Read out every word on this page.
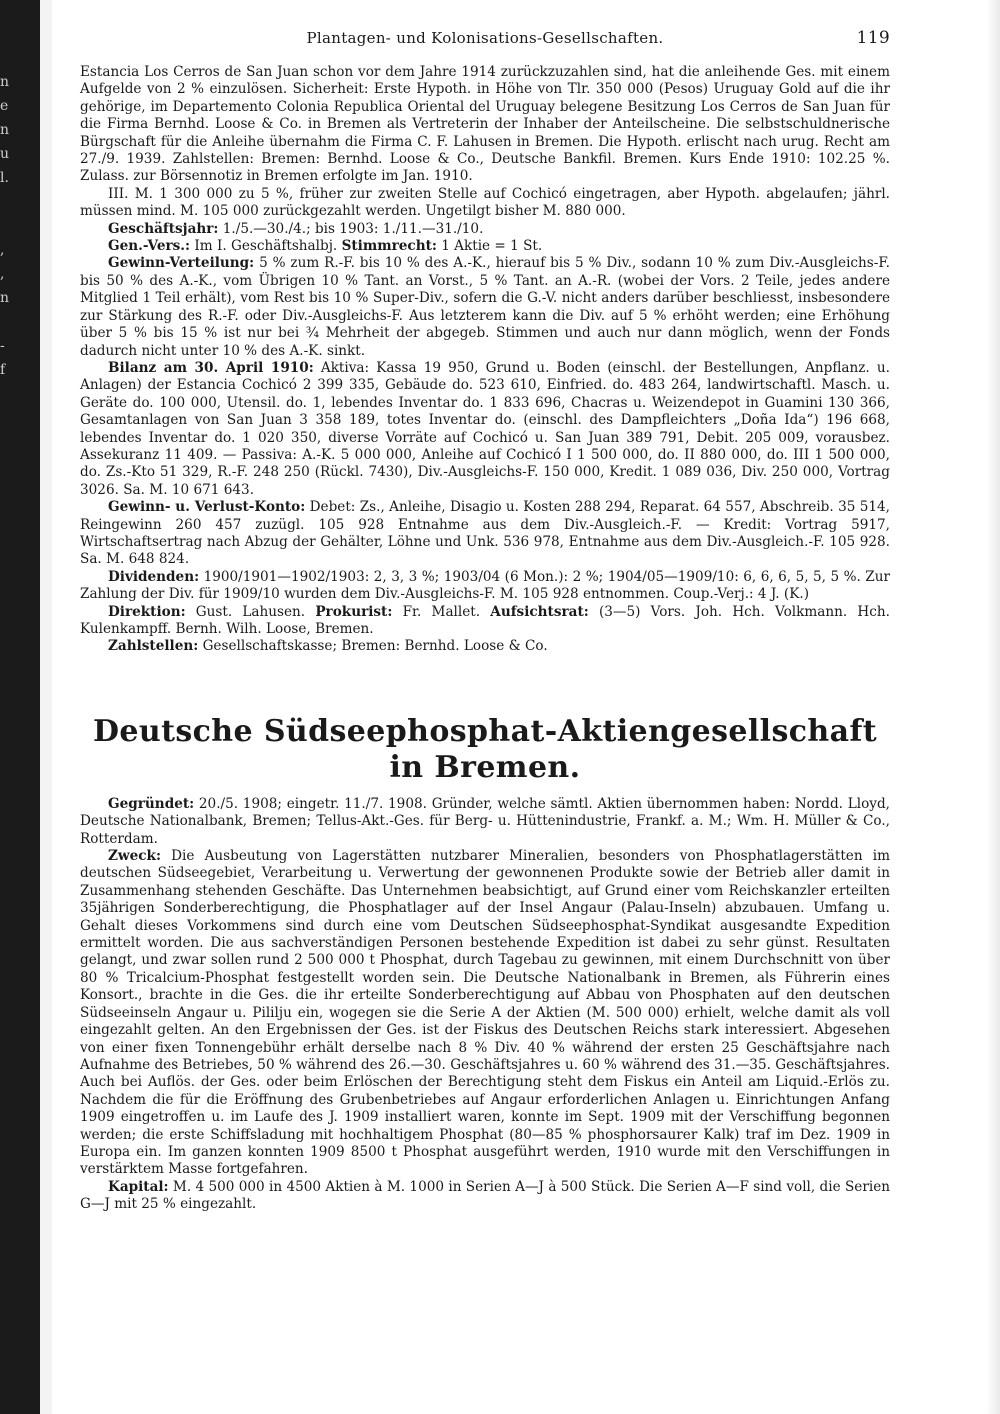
n
e
n
u
l.
,
,
n
-
f
Plantagen- und Kolonisations-Gesellschaften.	119

Estancia Los Cerros de San Juan schon vor dem Jahre 1914 zurückzuzahlen sind, hat die anleihende Ges. mit einem Aufgelde von 2 % einzulösen. Sicherheit: Erste Hypoth. in Höhe von Tlr. 350 000 (Pesos) Uruguay Gold auf die ihr gehörige, im Departemento Colonia Republica Oriental del Uruguay belegene Besitzung Los Cerros de San Juan für die Firma Bernhd. Loose & Co. in Bremen als Vertreterin der Inhaber der Anteilscheine. Die selbstschuldnerische Bürgschaft für die Anleihe übernahm die Firma C. F. Lahusen in Bremen. Die Hypoth. erlischt nach urug. Recht am 27./9. 1939. Zahlstellen: Bremen: Bernhd. Loose & Co., Deutsche Bankfil. Bremen. Kurs Ende 1910: 102.25 %. Zulass. zur Börsennotiz in Bremen erfolgte im Jan. 1910.

III. M. 1 300 000 zu 5 %, früher zur zweiten Stelle auf Cochicó eingetragen, aber Hypoth. abgelaufen; jährl. müssen mind. M. 105 000 zurückgezahlt werden. Ungetilgt bisher M. 880 000.

Geschäftsjahr: 1./5.—30./4.; bis 1903: 1./11.—31./10.

Gen.-Vers.: Im I. Geschäftshalbj. Stimmrecht: 1 Aktie = 1 St.

Gewinn-Verteilung: 5 % zum R.-F. bis 10 % des A.-K., hierauf bis 5 % Div., sodann 10 % zum Div.-Ausgleichs-F. bis 50 % des A.-K., vom Übrigen 10 % Tant. an Vorst., 5 % Tant. an A.-R. (wobei der Vors. 2 Teile, jedes andere Mitglied 1 Teil erhält), vom Rest bis 10 % Super-Div., sofern die G.-V. nicht anders darüber beschliesst, insbesondere zur Stärkung des R.-F. oder Div.-Ausgleichs-F. Aus letzterem kann die Div. auf 5 % erhöht werden; eine Erhöhung über 5 % bis 15 % ist nur bei ¾ Mehrheit der abgegeb. Stimmen und auch nur dann möglich, wenn der Fonds dadurch nicht unter 10 % des A.-K. sinkt.

Bilanz am 30. April 1910: Aktiva: Kassa 19 950, Grund u. Boden (einschl. der Bestellungen, Anpflanz. u. Anlagen) der Estancia Cochicó 2 399 335, Gebäude do. 523 610, Einfried. do. 483 264, landwirtschaftl. Masch. u. Geräte do. 100 000, Utensil. do. 1, lebendes Inventar do. 1 833 696, Chacras u. Weizendepot in Guamini 130 366, Gesamtanlagen von San Juan 3 358 189, totes Inventar do. (einschl. des Dampfleichters „Doña Ida“) 196 668, lebendes Inventar do. 1 020 350, diverse Vorräte auf Cochicó u. San Juan 389 791, Debit. 205 009, vorausbez. Assekuranz 11 409. — Passiva: A.-K. 5 000 000, Anleihe auf Cochicó I 1 500 000, do. II 880 000, do. III 1 500 000, do. Zs.-Kto 51 329, R.-F. 248 250 (Rückl. 7430), Div.-Ausgleichs-F. 150 000, Kredit. 1 089 036, Div. 250 000, Vortrag 3026. Sa. M. 10 671 643.

Gewinn- u. Verlust-Konto: Debet: Zs., Anleihe, Disagio u. Kosten 288 294, Reparat. 64 557, Abschreib. 35 514, Reingewinn 260 457 zuzügl. 105 928 Entnahme aus dem Div.-Ausgleich.-F. — Kredit: Vortrag 5917, Wirtschaftsertrag nach Abzug der Gehälter, Löhne und Unk. 536 978, Entnahme aus dem Div.-Ausgleich.-F. 105 928. Sa. M. 648 824.

Dividenden: 1900/1901—1902/1903: 2, 3, 3 %; 1903/04 (6 Mon.): 2 %; 1904/05—1909/10: 6, 6, 6, 5, 5, 5 %. Zur Zahlung der Div. für 1909/10 wurden dem Div.-Ausgleichs-F. M. 105 928 entnommen. Coup.-Verj.: 4 J. (K.)

Direktion: Gust. Lahusen. Prokurist: Fr. Mallet. Aufsichtsrat: (3—5) Vors. Joh. Hch. Volkmann. Hch. Kulenkampff. Bernh. Wilh. Loose, Bremen.

Zahlstellen: Gesellschaftskasse; Bremen: Bernhd. Loose & Co.

Deutsche Südseephosphat-Aktiengesellschaft in Bremen.

Gegründet: 20./5. 1908; eingetr. 11./7. 1908. Gründer, welche sämtl. Aktien übernommen haben: Nordd. Lloyd, Deutsche Nationalbank, Bremen; Tellus-Akt.-Ges. für Berg- u. Hüttenindustrie, Frankf. a. M.; Wm. H. Müller & Co., Rotterdam.

Zweck: Die Ausbeutung von Lagerstätten nutzbarer Mineralien, besonders von Phosphatlagerstätten im deutschen Südseegebiet, Verarbeitung u. Verwertung der gewonnenen Produkte sowie der Betrieb aller damit in Zusammenhang stehenden Geschäfte. Das Unternehmen beabsichtigt, auf Grund einer vom Reichskanzler erteilten 35jährigen Sonderberechtigung, die Phosphatlager auf der Insel Angaur (Palau-Inseln) abzubauen. Umfang u. Gehalt dieses Vorkommens sind durch eine vom Deutschen Südseephosphat-Syndikat ausgesandte Expedition ermittelt worden. Die aus sachverständigen Personen bestehende Expedition ist dabei zu sehr günst. Resultaten gelangt, und zwar sollen rund 2 500 000 t Phosphat, durch Tagebau zu gewinnen, mit einem Durchschnitt von über 80 % Tricalcium-Phosphat festgestellt worden sein. Die Deutsche Nationalbank in Bremen, als Führerin eines Konsort., brachte in die Ges. die ihr erteilte Sonderberechtigung auf Abbau von Phosphaten auf den deutschen Südseeinseln Angaur u. Pililju ein, wogegen sie die Serie A der Aktien (M. 500 000) erhielt, welche damit als voll eingezahlt gelten. An den Ergebnissen der Ges. ist der Fiskus des Deutschen Reichs stark interessiert. Abgesehen von einer fixen Tonnengebühr erhält derselbe nach 8 % Div. 40 % während der ersten 25 Geschäftsjahre nach Aufnahme des Betriebes, 50 % während des 26.—30. Geschäftsjahres u. 60 % während des 31.—35. Geschäftsjahres. Auch bei Auflös. der Ges. oder beim Erlöschen der Berechtigung steht dem Fiskus ein Anteil am Liquid.-Erlös zu. Nachdem die für die Eröffnung des Grubenbetriebes auf Angaur erforderlichen Anlagen u. Einrichtungen Anfang 1909 eingetroffen u. im Laufe des J. 1909 installiert waren, konnte im Sept. 1909 mit der Verschiffung begonnen werden; die erste Schiffsladung mit hochhaltigem Phosphat (80—85 % phosphorsaurer Kalk) traf im Dez. 1909 in Europa ein. Im ganzen konnten 1909 8500 t Phosphat ausgeführt werden, 1910 wurde mit den Verschiffungen in verstärktem Masse fortgefahren.

Kapital: M. 4 500 000 in 4500 Aktien à M. 1000 in Serien A—J à 500 Stück. Die Serien A—F sind voll, die Serien G—J mit 25 % eingezahlt.
